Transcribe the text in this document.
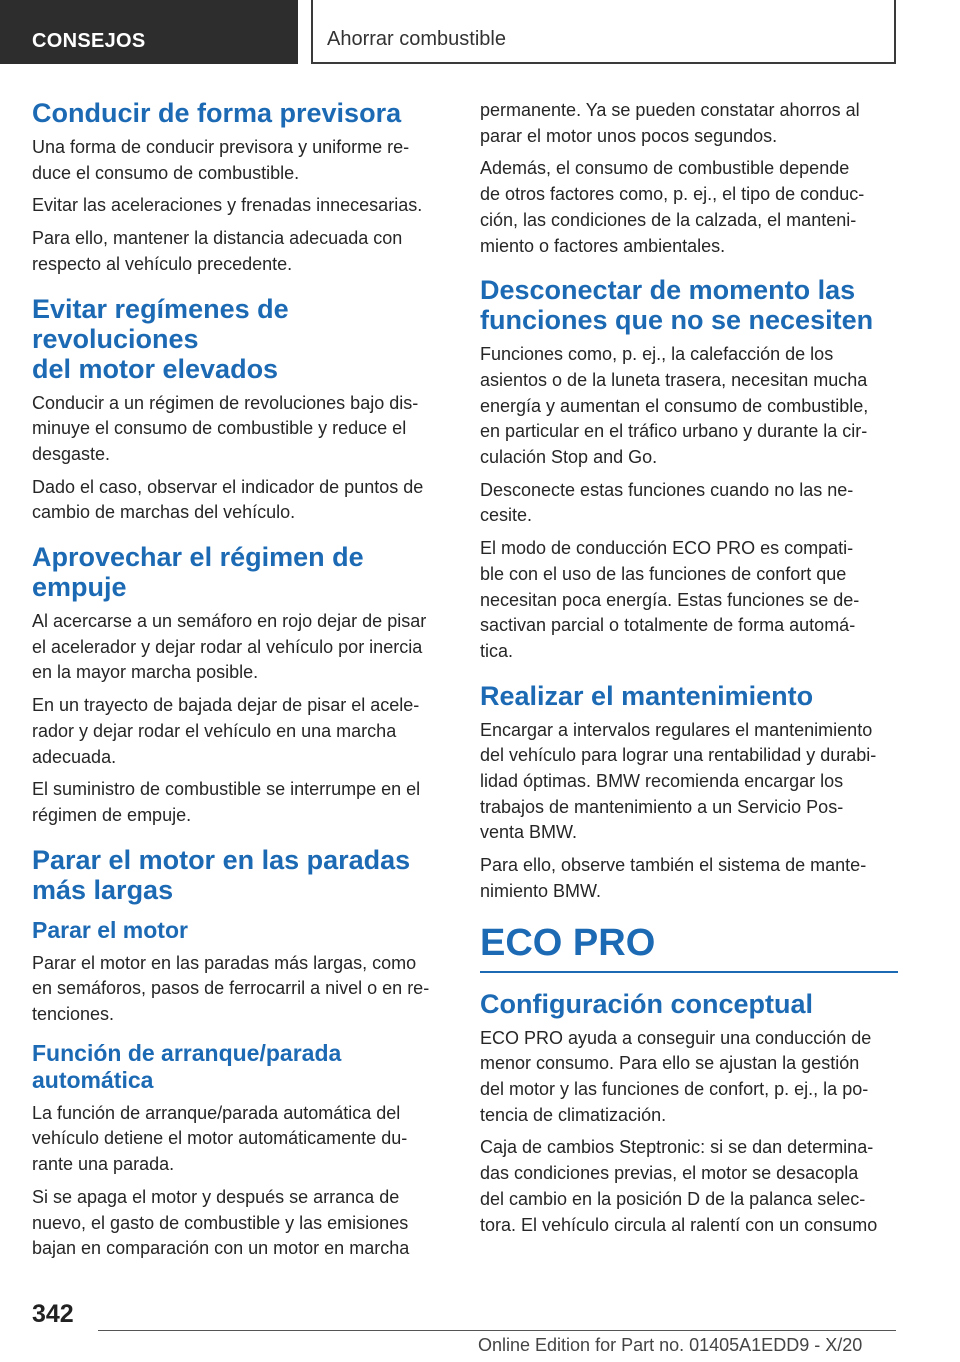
CONSEJOS	Ahorrar combustible
Conducir de forma previsora

Una forma de conducir previsora y uniforme re-
duce el consumo de combustible.

Evitar las aceleraciones y frenadas innecesarias.

Para ello, mantener la distancia adecuada con
respecto al vehículo precedente.

Evitar regímenes de revoluciones
del motor elevados

Conducir a un régimen de revoluciones bajo dis-
minuye el consumo de combustible y reduce el
desgaste.

Dado el caso, observar el indicador de puntos de
cambio de marchas del vehículo.

Aprovechar el régimen de
empuje

Al acercarse a un semáforo en rojo dejar de pisar
el acelerador y dejar rodar al vehículo por inercia
en la mayor marcha posible.

En un trayecto de bajada dejar de pisar el acele-
rador y dejar rodar el vehículo en una marcha
adecuada.

El suministro de combustible se interrumpe en el
régimen de empuje.

Parar el motor en las paradas
más largas
Parar el motor

Parar el motor en las paradas más largas, como
en semáforos, pasos de ferrocarril a nivel o en re-
tenciones.

Función de arranque/parada
automática

La función de arranque/parada automática del
vehículo detiene el motor automáticamente du-
rante una parada.

Si se apaga el motor y después se arranca de
nuevo, el gasto de combustible y las emisiones
bajan en comparación con un motor en marcha

permanente. Ya se pueden constatar ahorros al
parar el motor unos pocos segundos.

Además, el consumo de combustible depende
de otros factores como, p. ej., el tipo de conduc-
ción, las condiciones de la calzada, el manteni-
miento o factores ambientales.

Desconectar de momento las
funciones que no se necesiten

Funciones como, p. ej., la calefacción de los
asientos o de la luneta trasera, necesitan mucha
energía y aumentan el consumo de combustible,
en particular en el tráfico urbano y durante la cir-
culación Stop and Go.

Desconecte estas funciones cuando no las ne-
cesite.

El modo de conducción ECO PRO es compati-
ble con el uso de las funciones de confort que
necesitan poca energía. Estas funciones se de-
sactivan parcial o totalmente de forma automá-
tica.

Realizar el mantenimiento

Encargar a intervalos regulares el mantenimiento
del vehículo para lograr una rentabilidad y durabi-
lidad óptimas. BMW recomienda encargar los
trabajos de mantenimiento a un Servicio Pos-
venta BMW.

Para ello, observe también el sistema de mante-
nimiento BMW.

ECO PRO
Configuración conceptual

ECO PRO ayuda a conseguir una conducción de
menor consumo. Para ello se ajustan la gestión
del motor y las funciones de confort, p. ej., la po-
tencia de climatización.

Caja de cambios Steptronic: si se dan determina-
das condiciones previas, el motor se desacopla
del cambio en la posición D de la palanca selec-
tora. El vehículo circula al ralentí con un consumo

342
Online Edition for Part no. 01405A1EDD9 - X/20
